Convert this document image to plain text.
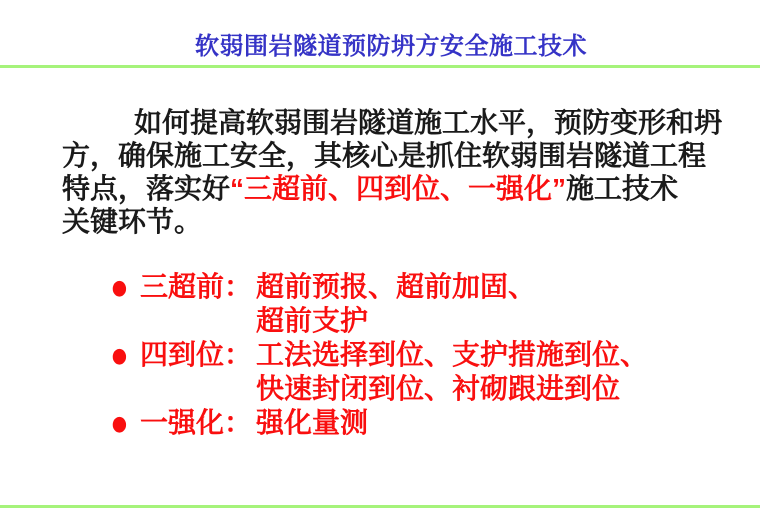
软弱围岩隧道预防坍方安全施工技术
如何提高软弱围岩隧道施工水平，预防变形和坍
方，确保施工安全，其核心是抓住软弱围岩隧道工程
特点，落实好“三超前、四到位、一强化”施工技术
关键环节。
● 三超前： 超前预报、超前加固、
超前支护
● 四到位： 工法选择到位、支护措施到位、
快速封闭到位、衬砌跟进到位
● 一强化： 强化量测
